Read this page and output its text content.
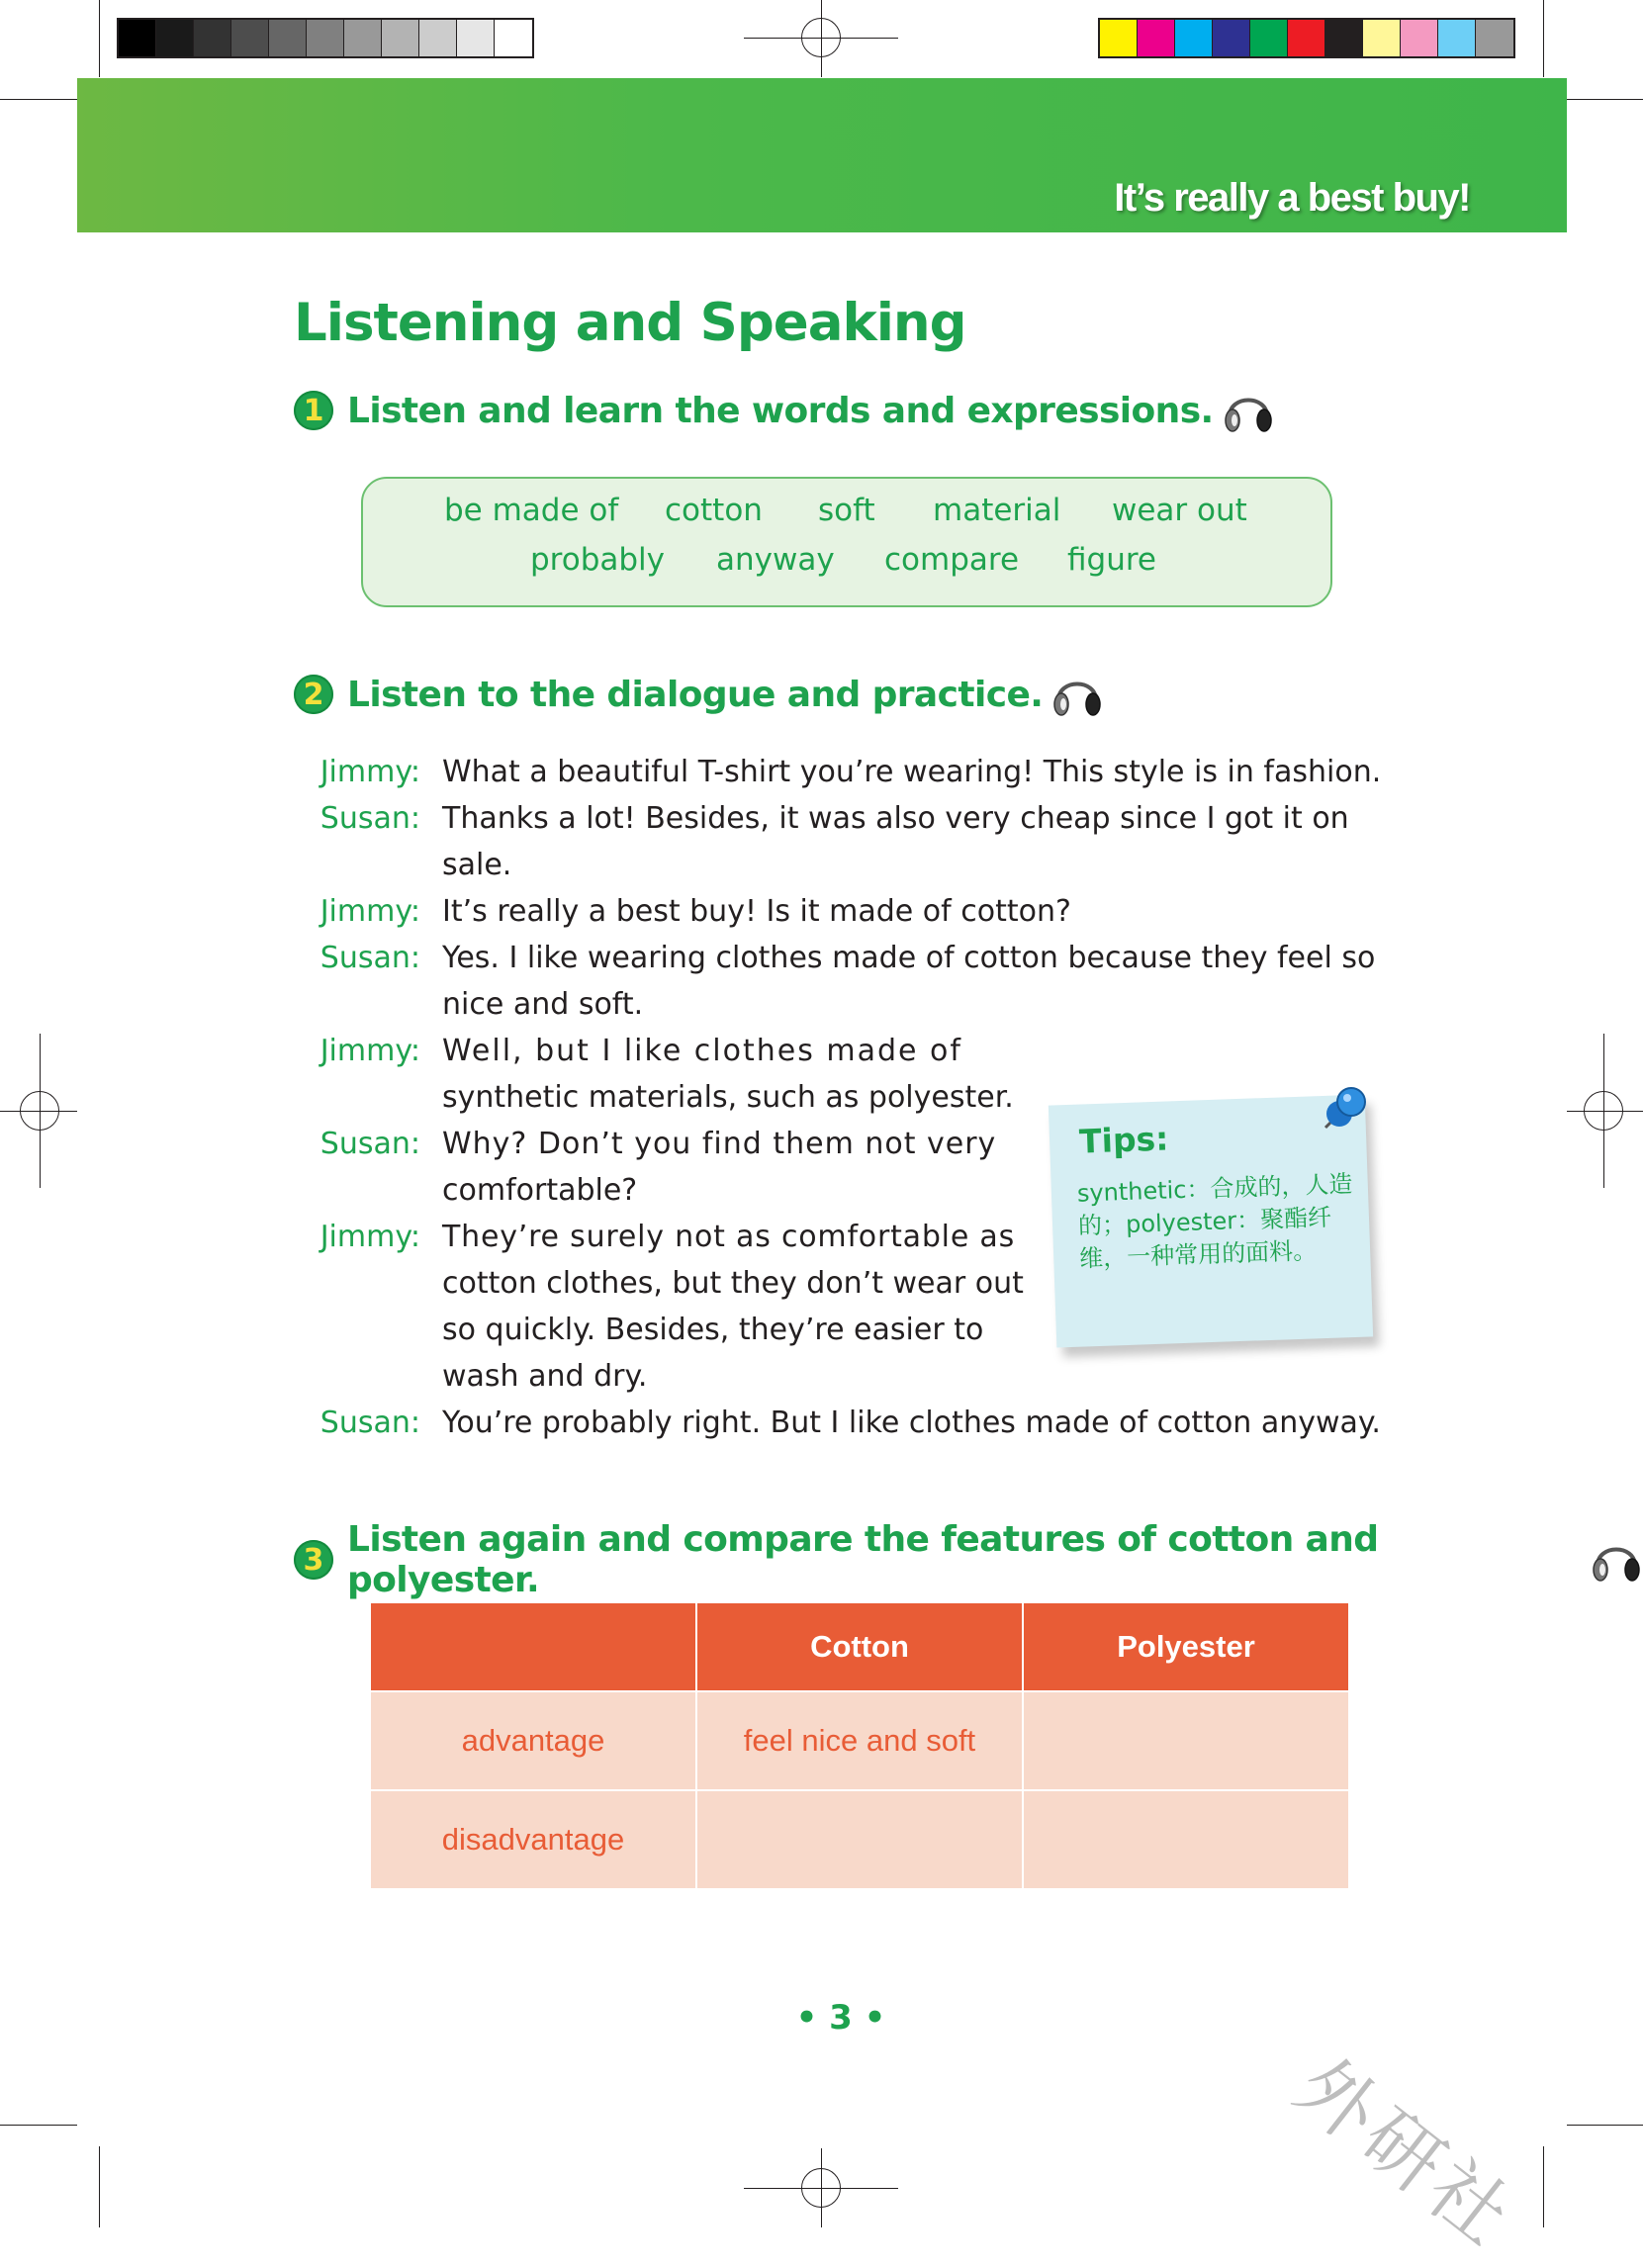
It’s really a best buy!
Listening and Speaking
1 Listen and learn the words and expressions.
be made of cotton soft material wear out
probably anyway compare figure
2 Listen to the dialogue and practice.
Jimmy: What a beautiful T-shirt you’re wearing! This style is in fashion.
Susan: Thanks a lot! Besides, it was also very cheap since I got it on
sale.
Jimmy: It’s really a best buy! Is it made of cotton?
Susan: Yes. I like wearing clothes made of cotton because they feel so
nice and soft.
Jimmy: Well, but I like clothes made of
synthetic materials, such as polyester.
Susan: Why? Don’t you find them not very
comfortable?
Jimmy: They’re surely not as comfortable as
cotton clothes, but they don’t wear out
so quickly. Besides, they’re easier to
wash and dry.
Susan: You’re probably right. But I like clothes made of cotton anyway.
Tips:
synthetic：合成的，人造的；polyester：聚酯纤维，一种常用的面料。
3 Listen again and compare the features of cotton and polyester.
	Cotton	Polyester
advantage	feel nice and soft	
disadvantage		
• 3 •
外研社
